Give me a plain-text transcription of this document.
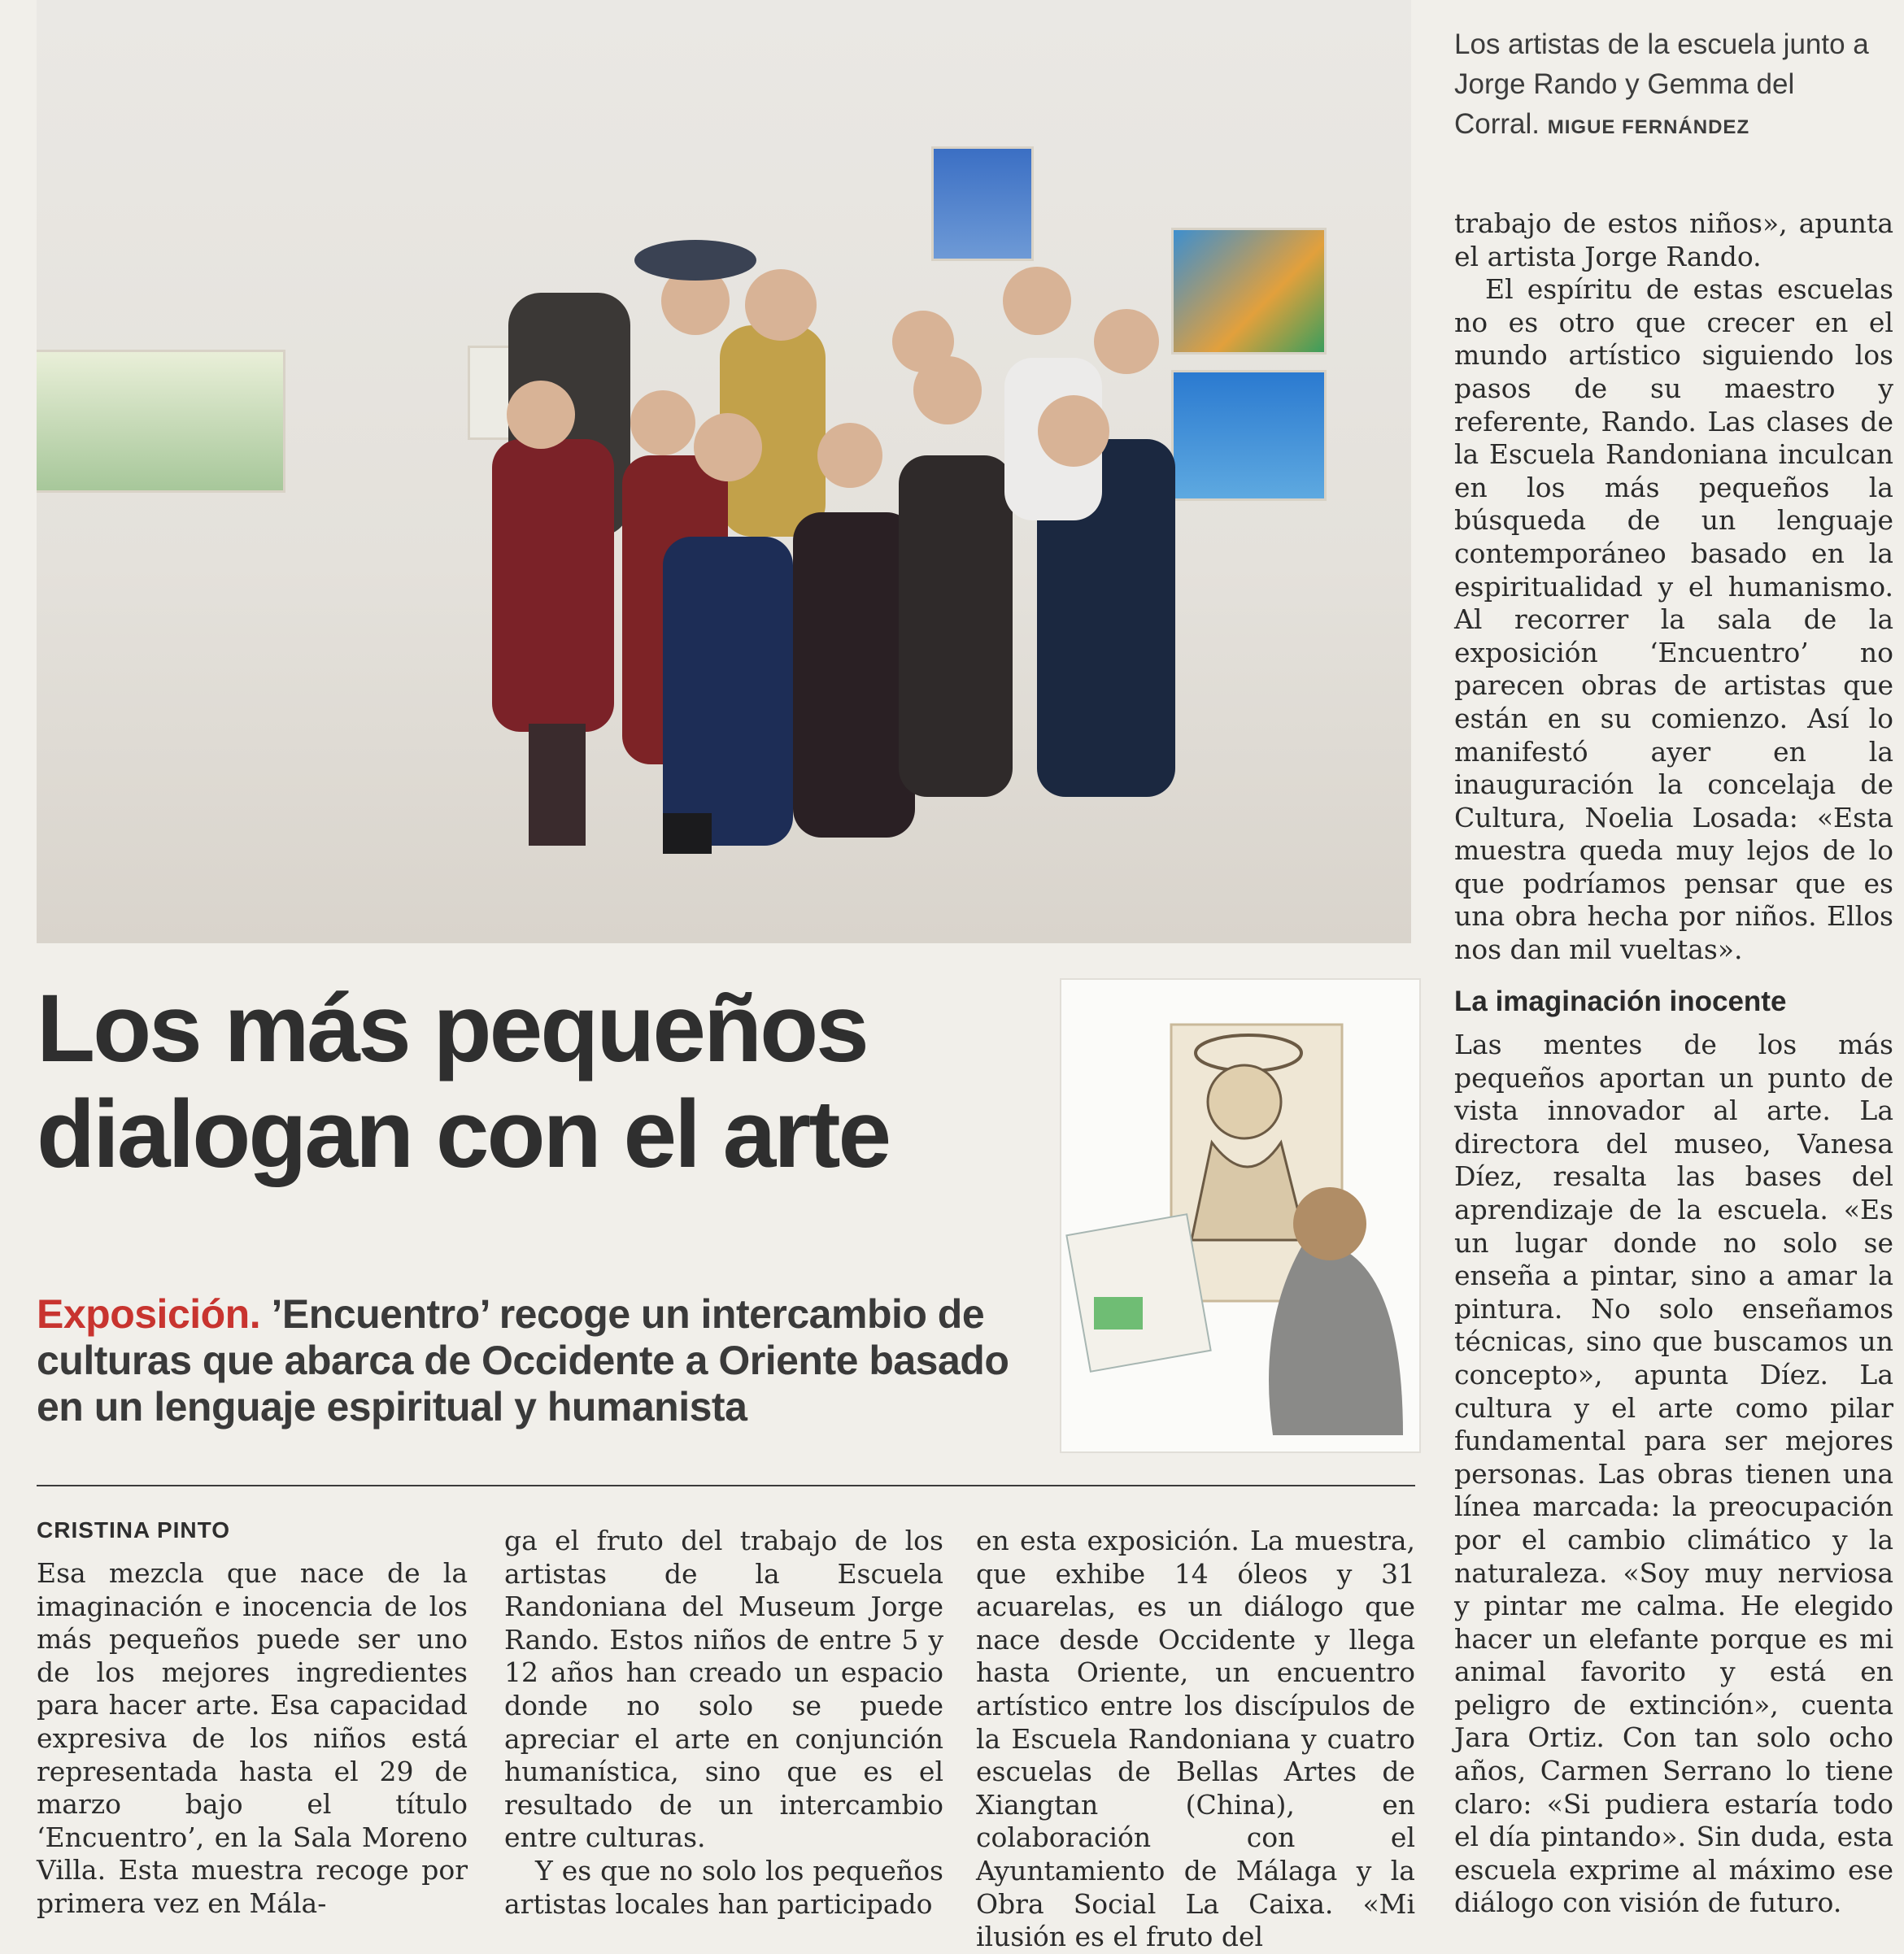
Los artistas de la escuela junto a Jorge Rando y Gemma del Corral. MIGUE FERNÁNDEZ

trabajo de estos niños», apunta el artista Jorge Rando.

El espíritu de estas escuelas no es otro que crecer en el mundo artístico siguiendo los pasos de su maestro y referente, Rando. Las clases de la Escuela Randoniana inculcan en los más pequeños la búsqueda de un lenguaje contemporáneo basado en la espiritualidad y el humanismo. Al recorrer la sala de la exposición ‘Encuentro’ no parecen obras de artistas que están en su comienzo. Así lo manifestó ayer en la inauguración la concelaja de Cultura, Noelia Losada: «Esta muestra queda muy lejos de lo que podríamos pensar que es una obra hecha por niños. Ellos nos dan mil vueltas».

La imaginación inocente

Las mentes de los más pequeños aportan un punto de vista innovador al arte. La directora del museo, Vanesa Díez, resalta las bases del aprendizaje de la escuela. «Es un lugar donde no solo se enseña a pintar, sino a amar la pintura. No solo enseñamos técnicas, sino que buscamos un concepto», apunta Díez. La cultura y el arte como pilar fundamental para ser mejores personas. Las obras tienen una línea marcada: la preocupación por el cambio climático y la naturaleza. «Soy muy nerviosa y pintar me calma. He elegido hacer un elefante porque es mi animal favorito y está en peligro de extinción», cuenta Jara Ortiz. Con tan solo ocho años, Carmen Serrano lo tiene claro: «Si pudiera estaría todo el día pintando». Sin duda, esta escuela exprime al máximo ese diálogo con visión de futuro.

Los más pequeños dialogan con el arte
Exposición. ’Encuentro’ recoge un intercambio de culturas que abarca de Occidente a Oriente basado en un lenguaje espiritual y humanista
CRISTINA PINTO

Esa mezcla que nace de la imaginación e inocencia de los más pequeños puede ser uno de los mejores ingredientes para hacer arte. Esa capacidad expresiva de los niños está representada hasta el 29 de marzo bajo el título ‘Encuentro’, en la Sala Moreno Villa. Esta muestra recoge por primera vez en Mála-

ga el fruto del trabajo de los artistas de la Escuela Randoniana del Museum Jorge Rando. Estos niños de entre 5 y 12 años han creado un espacio donde no solo se puede apreciar el arte en conjunción humanística, sino que es el resultado de un intercambio entre culturas.

Y es que no solo los pequeños artistas locales han participado

en esta exposición. La muestra, que exhibe 14 óleos y 31 acuarelas, es un diálogo que nace desde Occidente y llega hasta Oriente, un encuentro artístico entre los discípulos de la Escuela Randoniana y cuatro escuelas de Bellas Artes de Xiangtan (China), en colaboración con el Ayuntamiento de Málaga y la Obra Social La Caixa. «Mi ilusión es el fruto del
